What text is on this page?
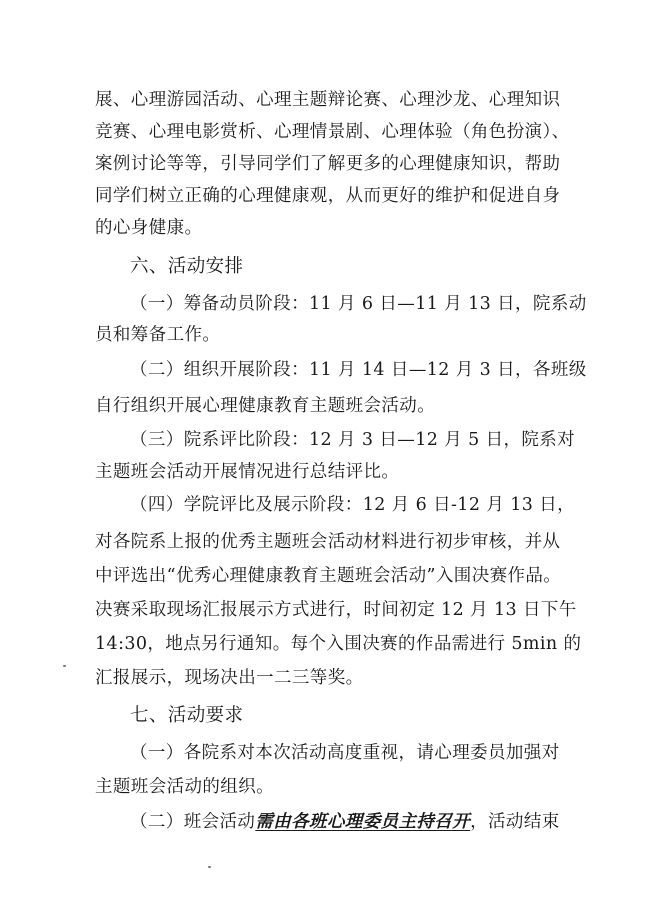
展、心理游园活动、心理主题辩论赛、心理沙龙、心理知识
竞赛、心理电影赏析、心理情景剧、心理体验（角色扮演）、
案例讨论等等，引导同学们了解更多的心理健康知识，帮助
同学们树立正确的心理健康观，从而更好的维护和促进自身
的心身健康。
六、活动安排
（一）筹备动员阶段：11 月 6 日—11 月 13 日，院系动
员和筹备工作。
（二）组织开展阶段：11 月 14 日—12 月 3 日，各班级
自行组织开展心理健康教育主题班会活动。
（三）院系评比阶段：12 月 3 日—12 月 5 日，院系对
主题班会活动开展情况进行总结评比。
（四）学院评比及展示阶段：12 月 6 日-12 月 13 日，
对各院系上报的优秀主题班会活动材料进行初步审核，并从
中评选出“优秀心理健康教育主题班会活动”入围决赛作品。
决赛采取现场汇报展示方式进行，时间初定 12 月 13 日下午
14:30，地点另行通知。每个入围决赛的作品需进行 5min 的
汇报展示，现场决出一二三等奖。
七、活动要求
（一）各院系对本次活动高度重视，请心理委员加强对
主题班会活动的组织。
（二）班会活动需由各班心理委员主持召开，活动结束
